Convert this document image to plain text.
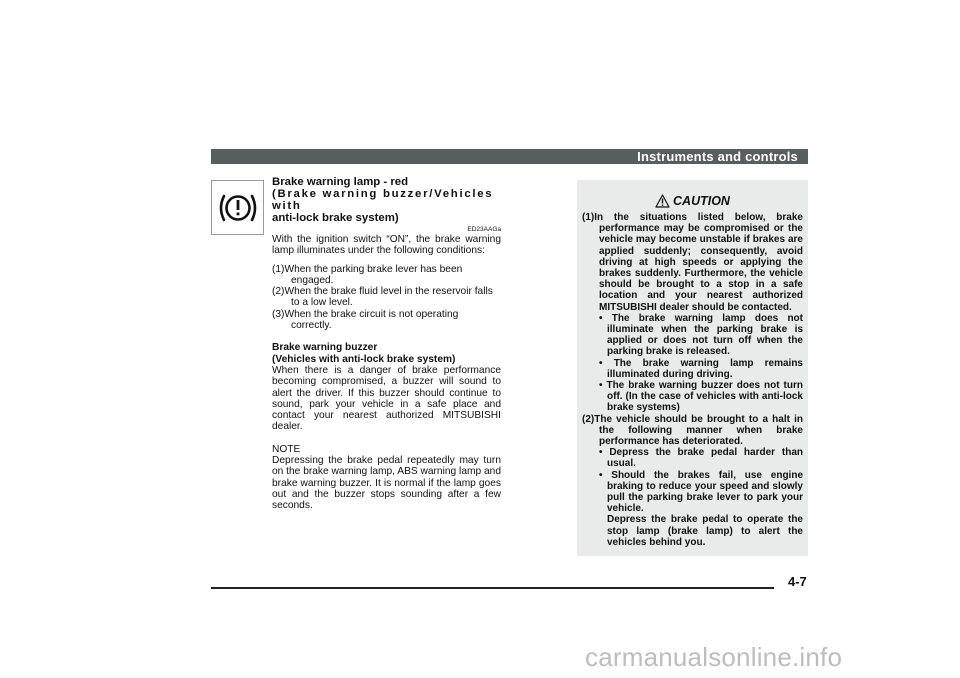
Instruments and controls

Brake warning lamp - red

(Brake warning buzzer/Vehicles with

anti-lock brake system)

ED23AAGa

With the ignition switch “ON”, the brake warning lamp illuminates under the following conditions:

(1)When the parking brake lever has been engaged.

(2)When the brake fluid level in the reservoir falls to a low level.

(3)When the brake circuit is not operating correctly.

Brake warning buzzer

(Vehicles with anti-lock brake system)

When there is a danger of brake performance becoming compromised, a buzzer will sound to alert the driver. If this buzzer should continue to sound, park your vehicle in a safe place and contact your nearest authorized MITSUBISHI dealer.

NOTE

Depressing the brake pedal repeatedly may turn on the brake warning lamp, ABS warning lamp and brake warning buzzer. It is normal if the lamp goes out and the buzzer stops sounding after a few seconds.

CAUTION

(1)In the situations listed below, brake performance may be compromised or the vehicle may become unstable if brakes are applied suddenly; consequently, avoid driving at high speeds or applying the brakes suddenly. Furthermore, the vehicle should be brought to a stop in a safe location and your nearest authorized MITSUBISHI dealer should be contacted.

• The brake warning lamp does not illuminate when the parking brake is applied or does not turn off when the parking brake is released.

• The brake warning lamp remains illuminated during driving.

• The brake warning buzzer does not turn off. (In the case of vehicles with anti-lock brake systems)

(2)The vehicle should be brought to a halt in the following manner when brake performance has deteriorated.

• Depress the brake pedal harder than usual.

• Should the brakes fail, use engine braking to reduce your speed and slowly pull the parking brake lever to park your vehicle.

Depress the brake pedal to operate the stop lamp (brake lamp) to alert the vehicles behind you.

4-7
carmanualsonline.info
